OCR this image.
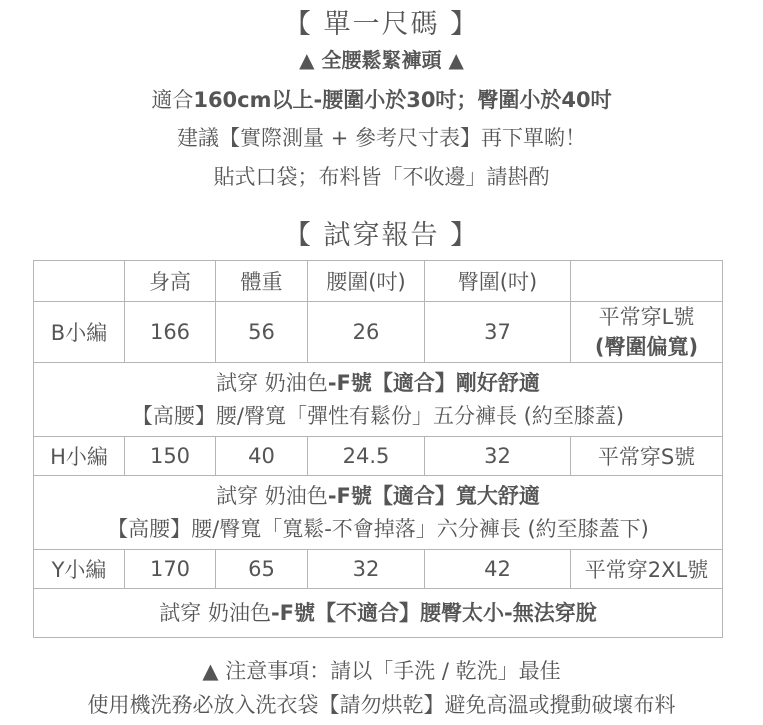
【 單一尺碼 】
▲ 全腰鬆緊褲頭 ▲
適合160cm以上-腰圍小於30吋；臀圍小於40吋
建議【實際測量 + 參考尺寸表】再下單喲！
貼式口袋；布料皆「不收邊」請斟酌
【 試穿報告 】
	身高	體重	腰圍(吋)	臀圍(吋)	
B小編	166	56	26	37	平常穿L號
(臀圍偏寬)

試穿 奶油色-F號【適合】剛好舒適
【高腰】腰/臀寬「彈性有鬆份」五分褲長 (約至膝蓋)					

H小編	150	40	24.5	32	平常穿S號

試穿 奶油色-F號【適合】寬大舒適
【高腰】腰/臀寬「寬鬆-不會掉落」六分褲長 (約至膝蓋下)					

Y小編	170	65	32	42	平常穿2XL號

試穿 奶油色-F號【不適合】腰臀太小-無法穿脫					
▲ 注意事項：請以「手洗 / 乾洗」最佳
使用機洗務必放入洗衣袋【請勿烘乾】避免高溫或攪動破壞布料
